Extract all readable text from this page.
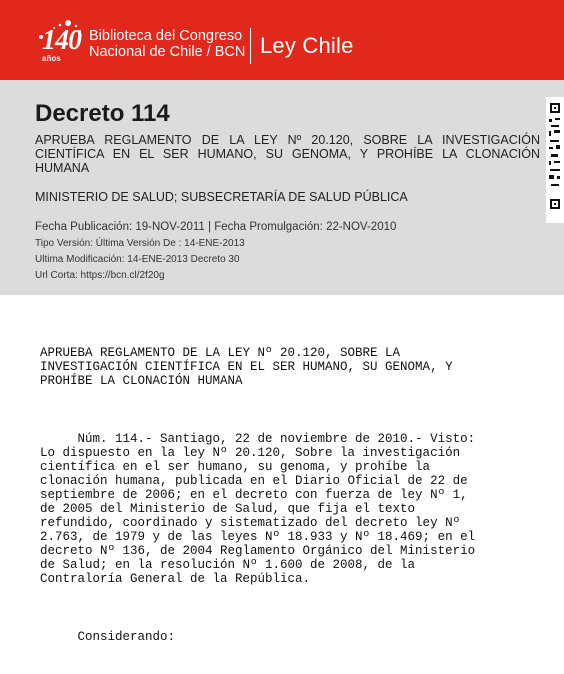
140
años
Biblioteca del Congreso
Nacional de Chile / BCN Ley Chile
Decreto 114
APRUEBA REGLAMENTO DE LA LEY Nº 20.120, SOBRE LA INVESTIGACIÓN CIENTÍFICA EN EL SER HUMANO, SU GENOMA, Y PROHÍBE LA CLONACIÓN HUMANA
MINISTERIO DE SALUD; SUBSECRETARÍA DE SALUD PÚBLICA
Fecha Publicación: 19-NOV-2011 | Fecha Promulgación: 22-NOV-2010
Tipo Versión: Última Versión De : 14-ENE-2013
Ultima Modificación: 14-ENE-2013 Decreto 30
Url Corta: https://bcn.cl/2f20g

APRUEBA REGLAMENTO DE LA LEY Nº 20.120, SOBRE LA
INVESTIGACIÓN CIENTÍFICA EN EL SER HUMANO, SU GENOMA, Y
PROHÍBE LA CLONACIÓN HUMANA

Núm. 114.- Santiago, 22 de noviembre de 2010.- Visto:
Lo dispuesto en la ley Nº 20.120, Sobre la investigación
científica en el ser humano, su genoma, y prohíbe la
clonación humana, publicada en el Diario Oficial de 22 de
septiembre de 2006; en el decreto con fuerza de ley Nº 1,
de 2005 del Ministerio de Salud, que fija el texto
refundido, coordinado y sistematizado del decreto ley Nº
2.763, de 1979 y de las leyes Nº 18.933 y Nº 18.469; en el
decreto Nº 136, de 2004 Reglamento Orgánico del Ministerio
de Salud; en la resolución Nº 1.600 de 2008, de la
Contraloría General de la República.

Considerando:
